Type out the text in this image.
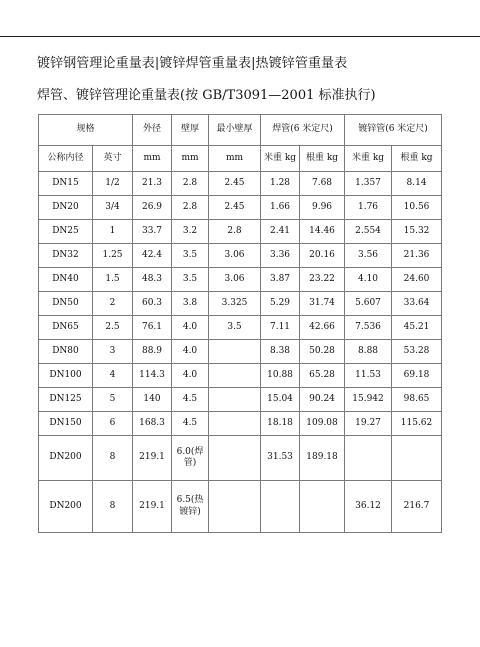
镀锌钢管理论重量表|镀锌焊管重量表|热镀锌管重量表
焊管、镀锌管理论重量表(按 GB/T3091—2001 标准执行)
规格		外径	壁厚	最小壁厚	焊管(6 米定尺)		镀锌管(6 米定尺)	
公称内径	英寸	mm	mm	mm	米重 kg	根重 kg	米重 kg	根重 kg
DN15	1/2	21.3	2.8	2.45	1.28	7.68	1.357	8.14
DN20	3/4	26.9	2.8	2.45	1.66	9.96	1.76	10.56
DN25	1	33.7	3.2	2.8	2.41	14.46	2.554	15.32
DN32	1.25	42.4	3.5	3.06	3.36	20.16	3.56	21.36
DN40	1.5	48.3	3.5	3.06	3.87	23.22	4.10	24.60
DN50	2	60.3	3.8	3.325	5.29	31.74	5.607	33.64
DN65	2.5	76.1	4.0	3.5	7.11	42.66	7.536	45.21
DN80	3	88.9	4.0		8.38	50.28	8.88	53.28
DN100	4	114.3	4.0		10.88	65.28	11.53	69.18
DN125	5	140	4.5		15.04	90.24	15.942	98.65
DN150	6	168.3	4.5		18.18	109.08	19.27	115.62
DN200	8	219.1	6.0(焊管)		31.53	189.18		
DN200	8	219.1	6.5(热镀锌)				36.12	216.7
